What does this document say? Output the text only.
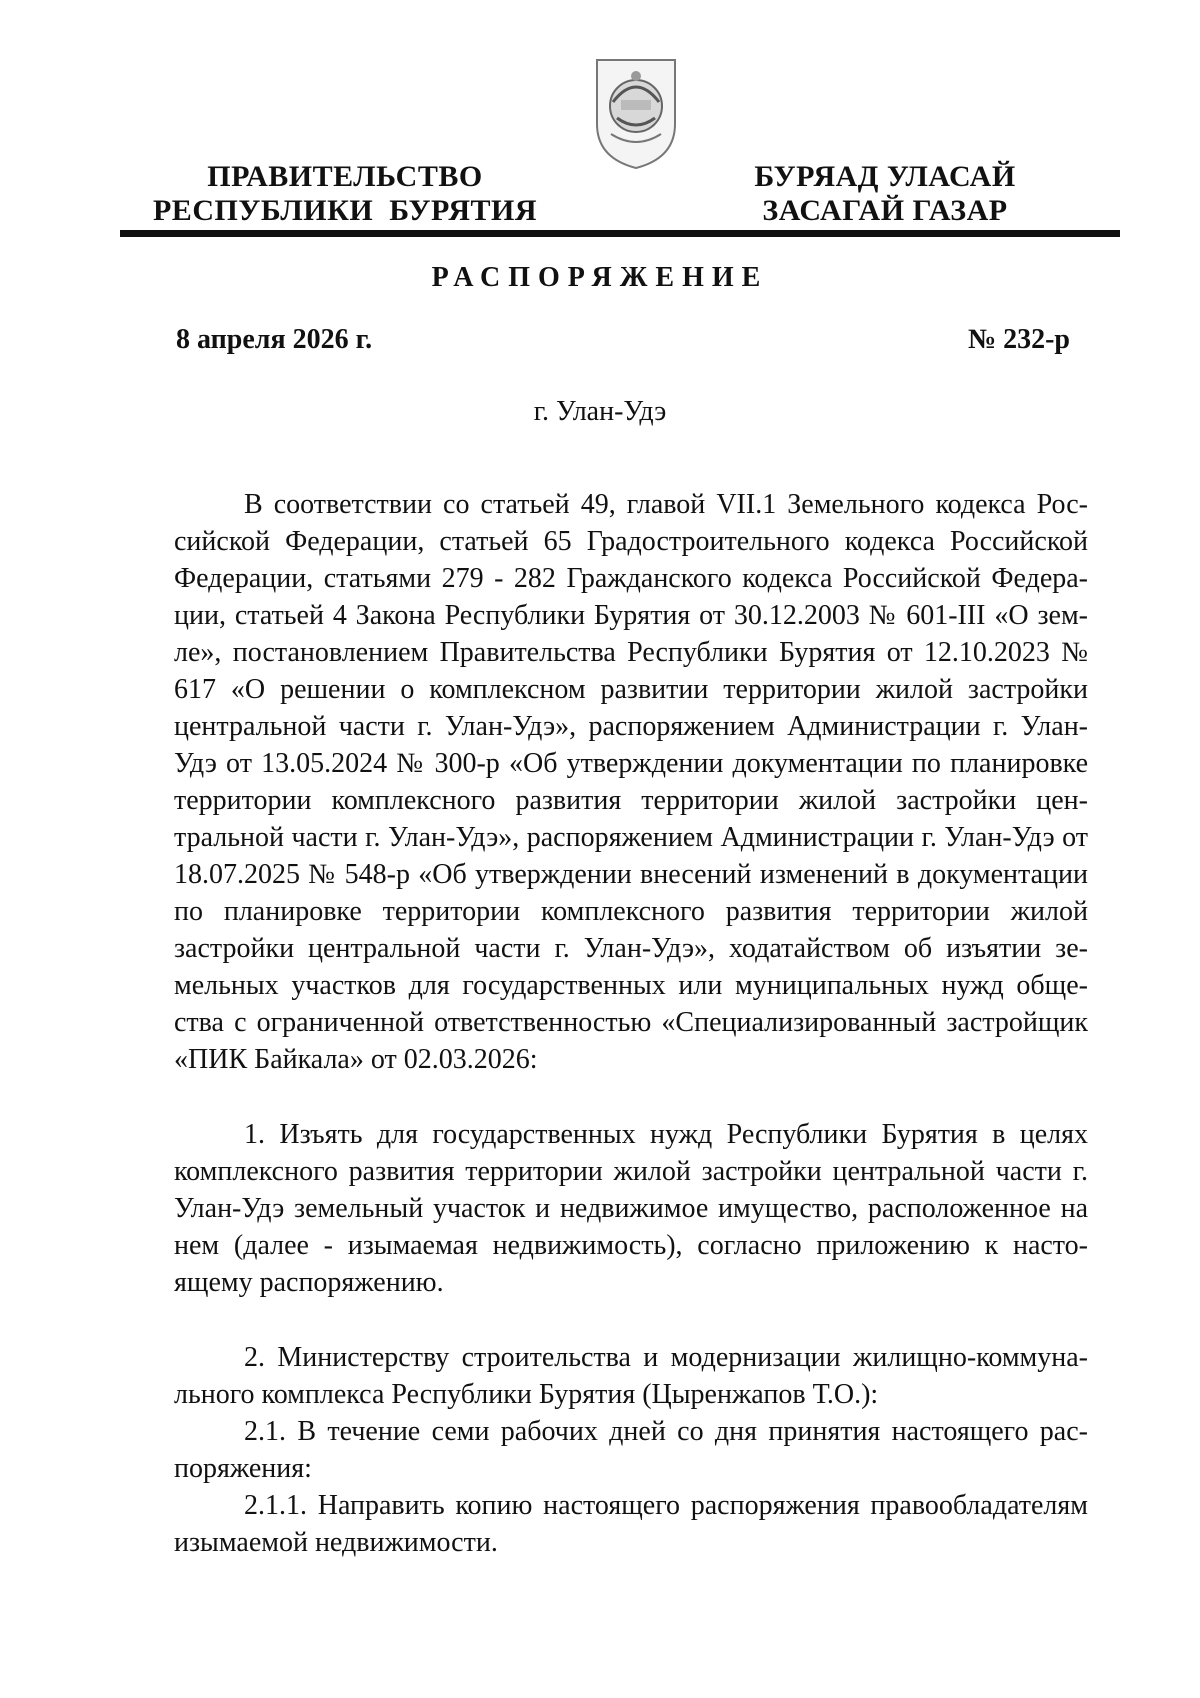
ПРАВИТЕЛЬСТВО
РЕСПУБЛИКИ  БУРЯТИЯ
БУРЯАД УЛАСАЙ
ЗАСАГАЙ ГАЗАР
РАСПОРЯЖЕНИЕ
8 апреля 2026 г.	№ 232-р
г. Улан-Удэ

В соответствии со статьей 49, главой VII.1 Земельного кодекса Российской Федерации, статьей 65 Градостроительного кодекса Российской Федерации, статьями 279 - 282 Гражданского кодекса Российской Федерации, статьей 4 Закона Республики Бурятия от 30.12.2003 № 601-III «О земле», постановлением Правительства Республики Бурятия от 12.10.2023 № 617 «О решении о комплексном развитии территории жилой застройки центральной части г. Улан-Удэ», распоряжением Администрации г. Улан-Удэ от 13.05.2024 № 300-р «Об утверждении документации по планировке территории комплексного развития территории жилой застройки центральной части г. Улан-Удэ», распоряжением Администрации г. Улан-Удэ от 18.07.2025 № 548-р «Об утверждении внесений изменений в документации по планировке территории комплексного развития территории жилой застройки центральной части г. Улан-Удэ», ходатайством об изъятии земельных участков для государственных или муниципальных нужд общества с ограниченной ответственностью «Специализированный застройщик «ПИК Байкала» от 02.03.2026:

1. Изъять для государственных нужд Республики Бурятия в целях комплексного развития территории жилой застройки центральной части г. Улан-Удэ земельный участок и недвижимое имущество, расположенное на нем (далее - изымаемая недвижимость), согласно приложению к настоящему распоряжению.

2. Министерству строительства и модернизации жилищно-коммунального комплекса Республики Бурятия (Цыренжапов Т.О.):

2.1. В течение семи рабочих дней со дня принятия настоящего распоряжения:

2.1.1. Направить копию настоящего распоряжения правообладателям изымаемой недвижимости.
